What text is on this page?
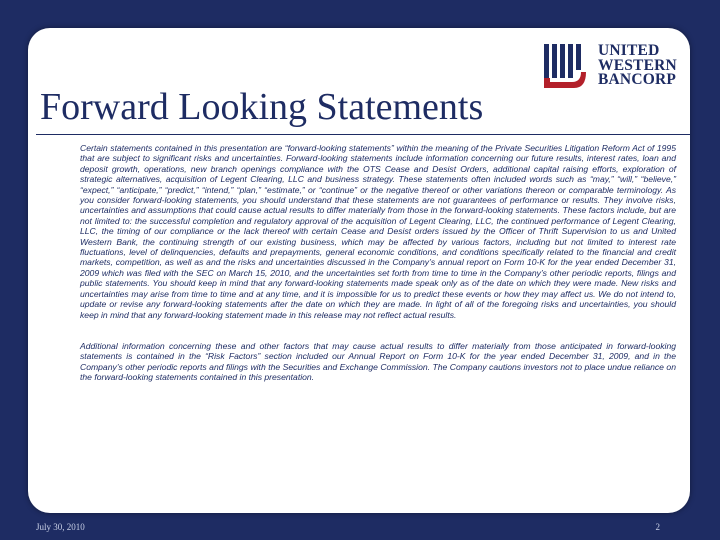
UNITED
WESTERN
BANCORP
Forward Looking Statements

Certain statements contained in this presentation are “forward-looking statements” within the meaning of the Private Securities Litigation Reform Act of 1995 that are subject to significant risks and uncertainties. Forward-looking statements include information concerning our future results, interest rates, loan and deposit growth, operations, new branch openings compliance with the OTS Cease and Desist Orders, additional capital raising efforts, exploration of strategic alternatives, acquisition of Legent Clearing, LLC and business strategy. These statements often included words such as “may,” “will,” “believe,” “expect,” “anticipate,” “predict,” “intend,” “plan,” “estimate,” or “continue” or the negative thereof or other variations thereon or comparable terminology. As you consider forward-looking statements, you should understand that these statements are not guarantees of performance or results. They involve risks, uncertainties and assumptions that could cause actual results to differ materially from those in the forward-looking statements. These factors include, but are not limited to: the successful completion and regulatory approval of the acquisition of Legent Clearing, LLC, the continued performance of Legent Clearing, LLC, the timing of our compliance or the lack thereof with certain Cease and Desist orders issued by the Officer of Thrift Supervision to us and United Western Bank, the continuing strength of our existing business, which may be affected by various factors, including but not limited to interest rate fluctuations, level of delinquencies, defaults and prepayments, general economic conditions, and conditions specifically related to the financial and credit markets, competition, as well as and the risks and uncertainties discussed in the Company’s annual report on Form 10-K for the year ended December 31, 2009 which was filed with the SEC on March 15, 2010, and the uncertainties set forth from time to time in the Company’s other periodic reports, filings and public statements. You should keep in mind that any forward-looking statements made speak only as of the date on which they were made. New risks and uncertainties may arise from time to time and at any time, and it is impossible for us to predict these events or how they may affect us. We do not intend to, update or revise any forward-looking statements after the date on which they are made. In light of all of the foregoing risks and uncertainties, you should keep in mind that any forward-looking statement made in this release may not reflect actual results.

Additional information concerning these and other factors that may cause actual results to differ materially from those anticipated in forward-looking statements is contained in the “Risk Factors” section included our Annual Report on Form 10-K for the year ended December 31, 2009, and in the Company’s other periodic reports and filings with the Securities and Exchange Commission. The Company cautions investors not to place undue reliance on the forward-looking statements contained in this presentation.

July 30, 2010	2
